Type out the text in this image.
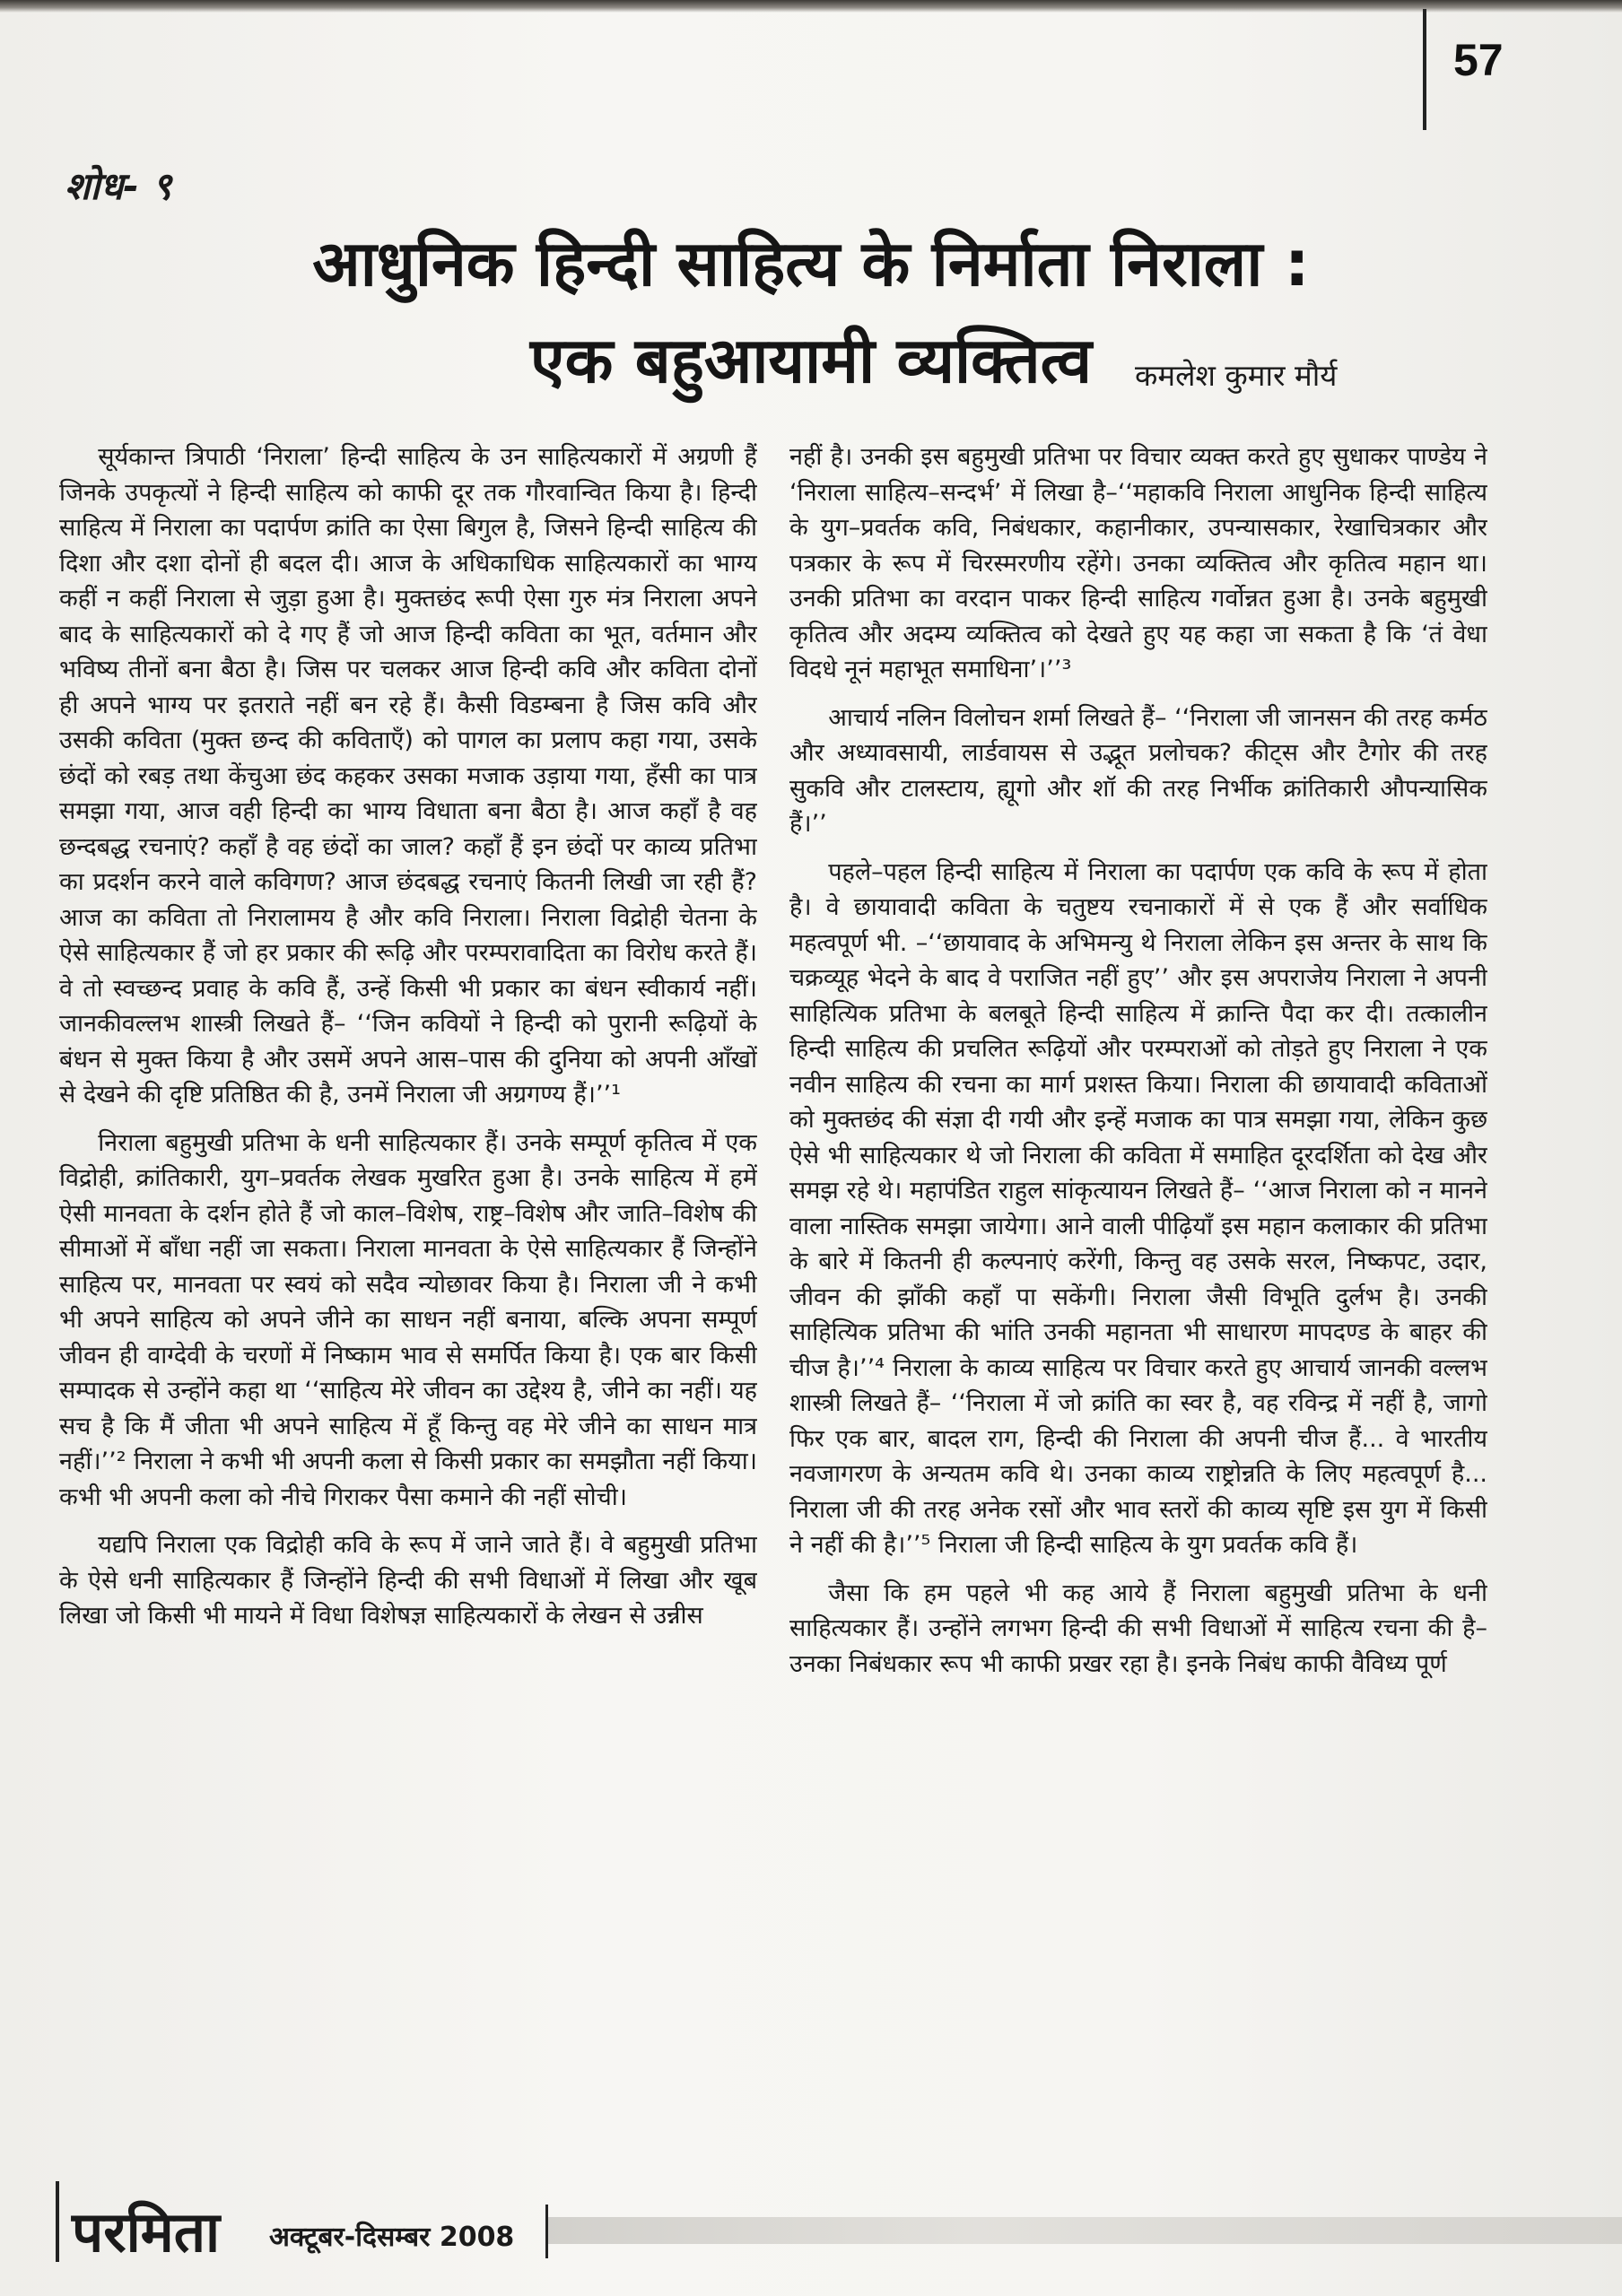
57
शोध- ९
आधुनिक हिन्दी साहित्य के निर्माता निराला :
एक बहुआयामी व्यक्तित्व	कमलेश कुमार मौर्य

सूर्यकान्त त्रिपाठी ‘निराला’ हिन्दी साहित्य के उन साहित्यकारों में अग्रणी हैं जिनके उपकृत्यों ने हिन्दी साहित्य को काफी दूर तक गौरवान्वित किया है। हिन्दी साहित्य में निराला का पदार्पण क्रांति का ऐसा बिगुल है, जिसने हिन्दी साहित्य की दिशा और दशा दोनों ही बदल दी। आज के अधिकाधिक साहित्यकारों का भाग्य कहीं न कहीं निराला से जुड़ा हुआ है। मुक्तछंद रूपी ऐसा गुरु मंत्र निराला अपने बाद के साहित्यकारों को दे गए हैं जो आज हिन्दी कविता का भूत, वर्तमान और भविष्य तीनों बना बैठा है। जिस पर चलकर आज हिन्दी कवि और कविता दोनों ही अपने भाग्य पर इतराते नहीं बन रहे हैं। कैसी विडम्बना है जिस कवि और उसकी कविता (मुक्त छन्द की कविताएँ) को पागल का प्रलाप कहा गया, उसके छंदों को रबड़ तथा केंचुआ छंद कहकर उसका मजाक उड़ाया गया, हँसी का पात्र समझा गया, आज वही हिन्दी का भाग्य विधाता बना बैठा है। आज कहाँ है वह छन्दबद्ध रचनाएं? कहाँ है वह छंदों का जाल? कहाँ हैं इन छंदों पर काव्य प्रतिभा का प्रदर्शन करने वाले कविगण? आज छंदबद्ध रचनाएं कितनी लिखी जा रही हैं? आज का कविता तो निरालामय है और कवि निराला। निराला विद्रोही चेतना के ऐसे साहित्यकार हैं जो हर प्रकार की रूढ़ि और परम्परावादिता का विरोध करते हैं। वे तो स्वच्छन्द प्रवाह के कवि हैं, उन्हें किसी भी प्रकार का बंधन स्वीकार्य नहीं। जानकीवल्लभ शास्त्री लिखते हैं– ‘‘जिन कवियों ने हिन्दी को पुरानी रूढ़ियों के बंधन से मुक्त किया है और उसमें अपने आस–पास की दुनिया को अपनी आँखों से देखने की दृष्टि प्रतिष्ठित की है, उनमें निराला जी अग्रगण्य हैं।’’¹

निराला बहुमुखी प्रतिभा के धनी साहित्यकार हैं। उनके सम्पूर्ण कृतित्व में एक विद्रोही, क्रांतिकारी, युग–प्रवर्तक लेखक मुखरित हुआ है। उनके साहित्य में हमें ऐसी मानवता के दर्शन होते हैं जो काल–विशेष, राष्ट्र–विशेष और जाति–विशेष की सीमाओं में बाँधा नहीं जा सकता। निराला मानवता के ऐसे साहित्यकार हैं जिन्होंने साहित्य पर, मानवता पर स्वयं को सदैव न्योछावर किया है। निराला जी ने कभी भी अपने साहित्य को अपने जीने का साधन नहीं बनाया, बल्कि अपना सम्पूर्ण जीवन ही वाग्देवी के चरणों में निष्काम भाव से समर्पित किया है। एक बार किसी सम्पादक से उन्होंने कहा था ‘‘साहित्य मेरे जीवन का उद्देश्य है, जीने का नहीं। यह सच है कि मैं जीता भी अपने साहित्य में हूँ किन्तु वह मेरे जीने का साधन मात्र नहीं।’’² निराला ने कभी भी अपनी कला से किसी प्रकार का समझौता नहीं किया। कभी भी अपनी कला को नीचे गिराकर पैसा कमाने की नहीं सोची।

यद्यपि निराला एक विद्रोही कवि के रूप में जाने जाते हैं। वे बहुमुखी प्रतिभा के ऐसे धनी साहित्यकार हैं जिन्होंने हिन्दी की सभी विधाओं में लिखा और खूब लिखा जो किसी भी मायने में विधा विशेषज्ञ साहित्यकारों के लेखन से उन्नीस

नहीं है। उनकी इस बहुमुखी प्रतिभा पर विचार व्यक्त करते हुए सुधाकर पाण्डेय ने ‘निराला साहित्य–सन्दर्भ’ में लिखा है–‘‘महाकवि निराला आधुनिक हिन्दी साहित्य के युग–प्रवर्तक कवि, निबंधकार, कहानीकार, उपन्यासकार, रेखाचित्रकार और पत्रकार के रूप में चिरस्मरणीय रहेंगे। उनका व्यक्तित्व और कृतित्व महान था। उनकी प्रतिभा का वरदान पाकर हिन्दी साहित्य गर्वोन्नत हुआ है। उनके बहुमुखी कृतित्व और अदम्य व्यक्तित्व को देखते हुए यह कहा जा सकता है कि ‘तं वेधा विदधे नूनं महाभूत समाधिना’।’’³

आचार्य नलिन विलोचन शर्मा लिखते हैं– ‘‘निराला जी जानसन की तरह कर्मठ और अध्यावसायी, लार्डवायस से उद्भूत प्रलोचक? कीट्स और टैगोर की तरह सुकवि और टालस्टाय, ह्यूगो और शॉ की तरह निर्भीक क्रांतिकारी औपन्यासिक हैं।’’

पहले–पहल हिन्दी साहित्य में निराला का पदार्पण एक कवि के रूप में होता है। वे छायावादी कविता के चतुष्टय रचनाकारों में से एक हैं और सर्वाधिक महत्वपूर्ण भी. –‘‘छायावाद के अभिमन्यु थे निराला लेकिन इस अन्तर के साथ कि चक्रव्यूह भेदने के बाद वे पराजित नहीं हुए’’ और इस अपराजेय निराला ने अपनी साहित्यिक प्रतिभा के बलबूते हिन्दी साहित्य में क्रान्ति पैदा कर दी। तत्कालीन हिन्दी साहित्य की प्रचलित रूढ़ियों और परम्पराओं को तोड़ते हुए निराला ने एक नवीन साहित्य की रचना का मार्ग प्रशस्त किया। निराला की छायावादी कविताओं को मुक्तछंद की संज्ञा दी गयी और इन्हें मजाक का पात्र समझा गया, लेकिन कुछ ऐसे भी साहित्यकार थे जो निराला की कविता में समाहित दूरदर्शिता को देख और समझ रहे थे। महापंडित राहुल सांकृत्यायन लिखते हैं– ‘‘आज निराला को न मानने वाला नास्तिक समझा जायेगा। आने वाली पीढ़ियाँ इस महान कलाकार की प्रतिभा के बारे में कितनी ही कल्पनाएं करेंगी, किन्तु वह उसके सरल, निष्कपट, उदार, जीवन की झाँकी कहाँ पा सकेंगी। निराला जैसी विभूति दुर्लभ है। उनकी साहित्यिक प्रतिभा की भांति उनकी महानता भी साधारण मापदण्ड के बाहर की चीज है।’’⁴ निराला के काव्य साहित्य पर विचार करते हुए आचार्य जानकी वल्लभ शास्त्री लिखते हैं– ‘‘निराला में जो क्रांति का स्वर है, वह रविन्द्र में नहीं है, जागो फिर एक बार, बादल राग, हिन्दी की निराला की अपनी चीज हैं... वे भारतीय नवजागरण के अन्यतम कवि थे। उनका काव्य राष्ट्रोन्नति के लिए महत्वपूर्ण है... निराला जी की तरह अनेक रसों और भाव स्तरों की काव्य सृष्टि इस युग में किसी ने नहीं की है।’’⁵ निराला जी हिन्दी साहित्य के युग प्रवर्तक कवि हैं।

जैसा कि हम पहले भी कह आये हैं निराला बहुमुखी प्रतिभा के धनी साहित्यकार हैं। उन्होंने लगभग हिन्दी की सभी विधाओं में साहित्य रचना की है– उनका निबंधकार रूप भी काफी प्रखर रहा है। इनके निबंध काफी वैविध्य पूर्ण

परमिता अक्टूबर-दिसम्बर 2008
